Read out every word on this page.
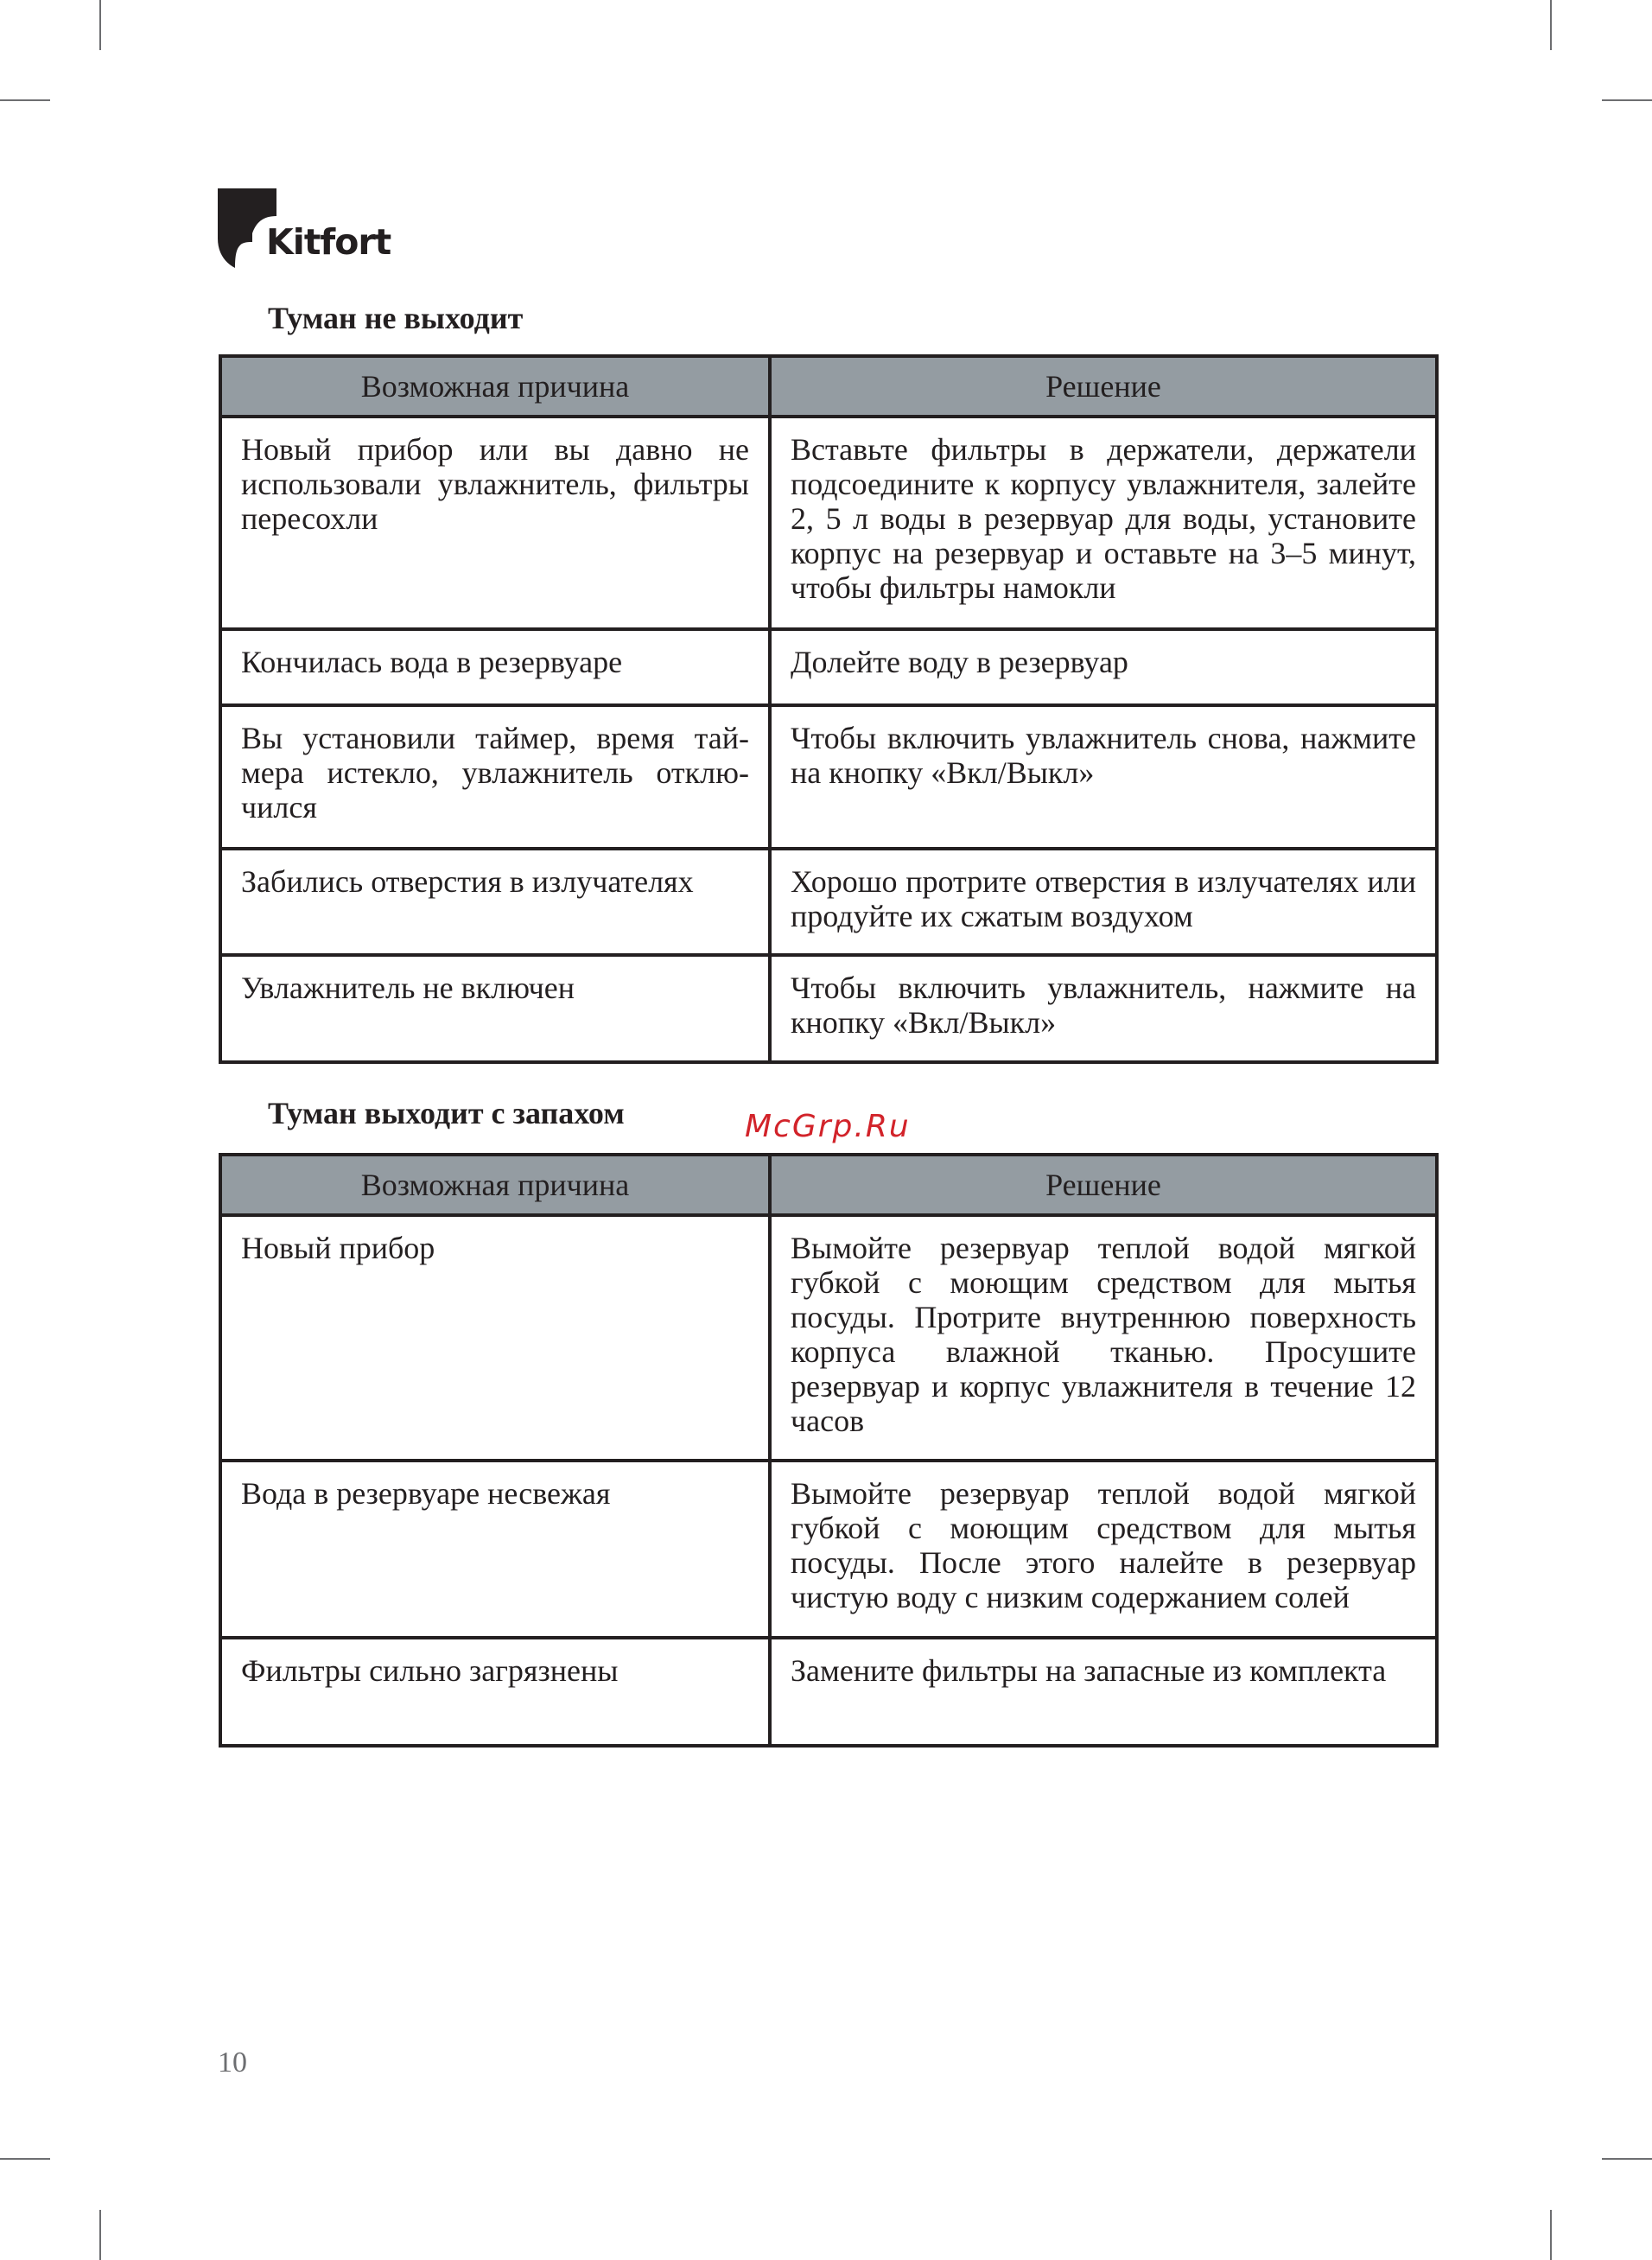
Kitfort
Туман не выходит
Возможная причина	Решение
Новый прибор или вы давно не использовали увлажнитель, фильтры пересохли	Вставьте фильтры в держатели, держатели подсоедините к корпусу увлажнителя, залейте 2, 5 л воды в резервуар для воды, установите корпус на резервуар и оставьте на 3–5 минут, чтобы фильтры намокли
Кончилась вода в резервуаре	Долейте воду в резервуар
Вы установили таймер, время таймера истекло, увлажнитель отключился	Чтобы включить увлажнитель снова, нажмите на кнопку «Вкл/Выкл»
Забились отверстия в излучателях	Хорошо протрите отверстия в излучателях или продуйте их сжатым воздухом
Увлажнитель не включен	Чтобы включить увлажнитель, нажмите на кнопку «Вкл/Выкл»
Туман выходит с запахом	McGrp.Ru
Возможная причина	Решение
Новый прибор	Вымойте резервуар теплой водой мягкой губкой с моющим средством для мытья посуды. Протрите внутреннюю поверхность корпуса влажной тканью. Просушите резервуар и корпус увлажнителя в течение 12 часов
Вода в резервуаре несвежая	Вымойте резервуар теплой водой мягкой губкой с моющим средством для мытья посуды. После этого налейте в резервуар чистую воду с низким содержанием солей
Фильтры сильно загрязнены	Замените фильтры на запасные из комплекта
10
